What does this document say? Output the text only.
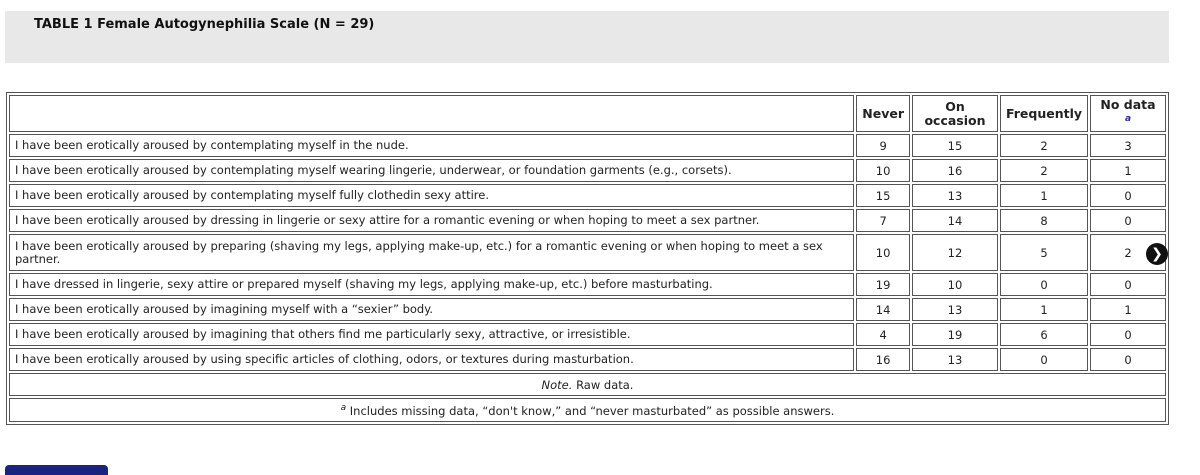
TABLE 1 Female Autogynephilia Scale (N = 29)
	Never	On occasion	Frequently	No data
$^a$
I have been erotically aroused by contemplating myself in the nude.	9	15	2	3
I have been erotically aroused by contemplating myself wearing lingerie, underwear, or foundation garments (e.g., corsets).	10	16	2	1
I have been erotically aroused by contemplating myself fully clothedin sexy attire.	15	13	1	0
I have been erotically aroused by dressing in lingerie or sexy attire for a romantic evening or when hoping to meet a sex partner.	7	14	8	0
I have been erotically aroused by preparing (shaving my legs, applying make-up, etc.) for a romantic evening or when hoping to meet a sex partner.	10	12	5	2
I have dressed in lingerie, sexy attire or prepared myself (shaving my legs, applying make-up, etc.) before masturbating.	19	10	0	0
I have been erotically aroused by imagining myself with a “sexier” body.	14	13	1	1
I have been erotically aroused by imagining that others find me particularly sexy, attractive, or irresistible.	4	19	6	0
I have been erotically aroused by using specific articles of clothing, odors, or textures during masturbation.	16	13	0	0
Note. Raw data.				
$^a$ Includes missing data, “don't know,” and “never masturbated” as possible answers.				
❯
